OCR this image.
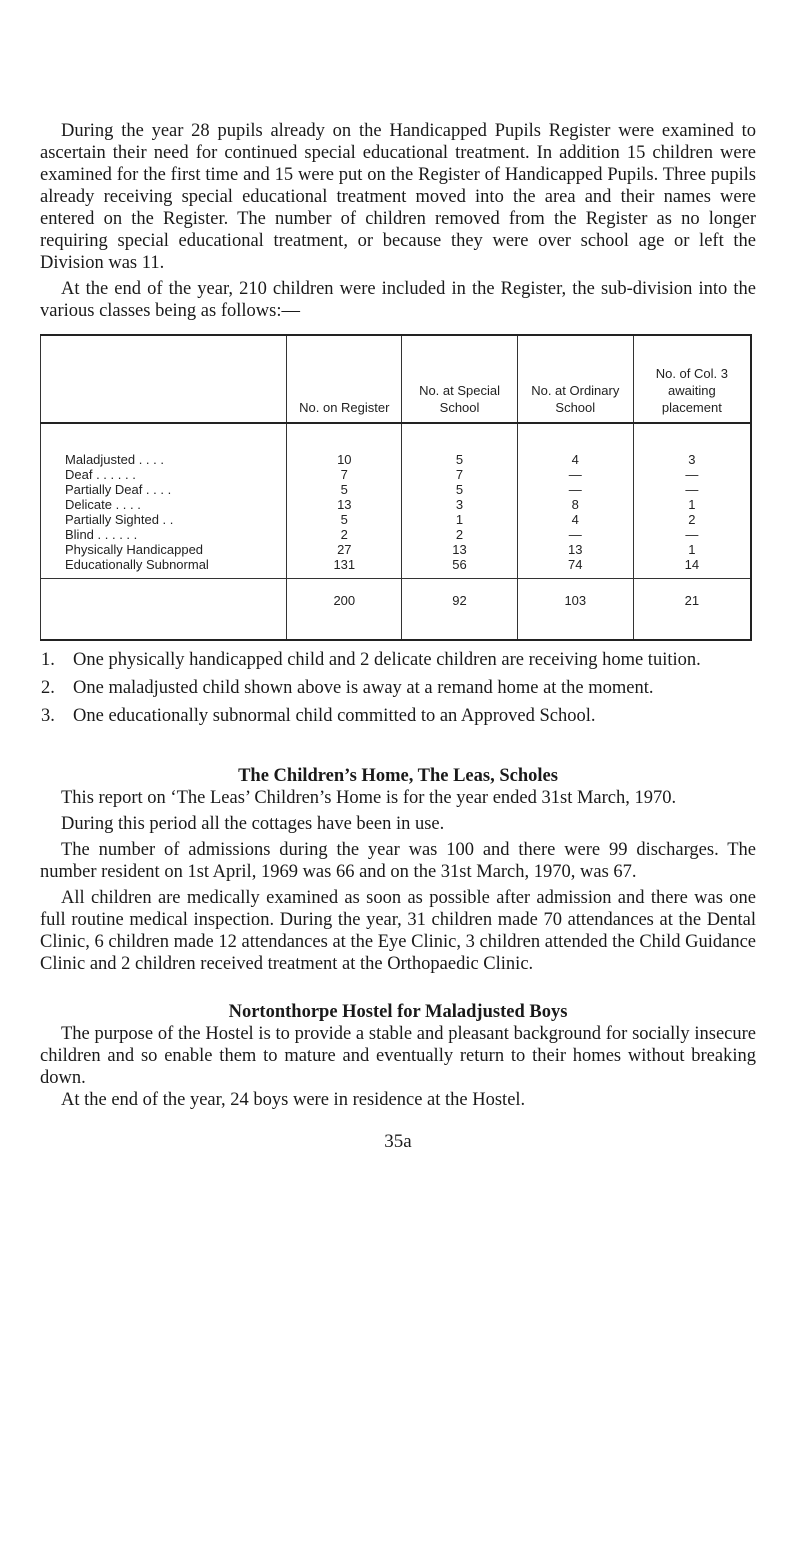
During the year 28 pupils already on the Handicapped Pupils Register were examined to ascertain their need for continued special educational treatment. In addition 15 children were examined for the first time and 15 were put on the Register of Handicapped Pupils. Three pupils already receiving special educational treatment moved into the area and their names were entered on the Register. The number of children removed from the Register as no longer requiring special educational treatment, or because they were over school age or left the Division was 11.

At the end of the year, 210 children were included in the Register, the sub-division into the various classes being as follows:—

	No. on Register	No. at Special School	No. at Ordinary School	No. of Col. 3 awaiting placement
Maladjusted . . . .	10	5	4	3
Deaf . . . . . .	7	7	—	—
Partially Deaf . . . .	5	5	—	—
Delicate . . . .	13	3	8	1
Partially Sighted . .	5	1	4	2
Blind . . . . . .	2	2	—	—
Physically Handicapped	27	13	13	1
Educationally Subnormal	131	56	74	14
	200	92	103	21
1. One physically handicapped child and 2 delicate children are receiving home tuition.
2. One maladjusted child shown above is away at a remand home at the moment.
3. One educationally subnormal child committed to an Approved School.
The Children’s Home, The Leas, Scholes

This report on ‘The Leas’ Children’s Home is for the year ended 31st March, 1970.

During this period all the cottages have been in use.

The number of admissions during the year was 100 and there were 99 discharges. The number resident on 1st April, 1969 was 66 and on the 31st March, 1970, was 67.

All children are medically examined as soon as possible after admission and there was one full routine medical inspection. During the year, 31 children made 70 attendances at the Dental Clinic, 6 children made 12 attendances at the Eye Clinic, 3 children attended the Child Guidance Clinic and 2 children received treatment at the Orthopaedic Clinic.

Nortonthorpe Hostel for Maladjusted Boys

The purpose of the Hostel is to provide a stable and pleasant background for socially insecure children and so enable them to mature and eventually return to their homes without breaking down.

At the end of the year, 24 boys were in residence at the Hostel.

35a
